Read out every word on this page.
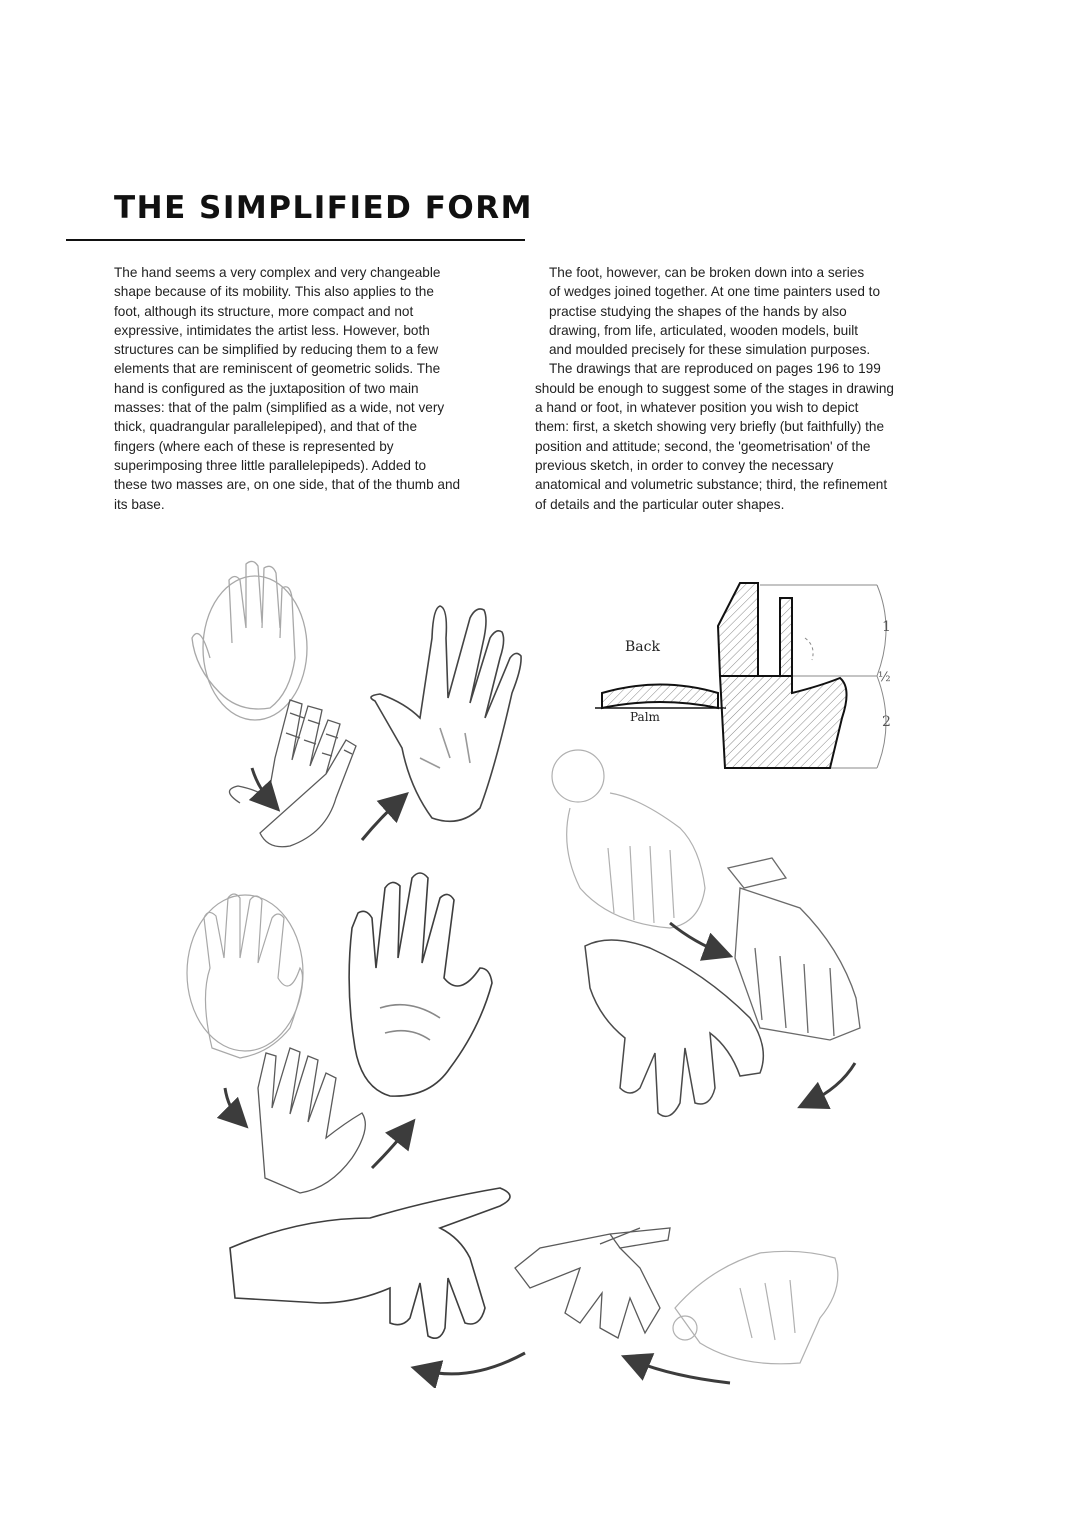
THE SIMPLIFIED FORM

The hand seems a very complex and very changeable
shape because of its mobility. This also applies to the
foot, although its structure, more compact and not
expressive, intimidates the artist less. However, both
structures can be simplified by reducing them to a few
elements that are reminiscent of geometric solids. The
hand is configured as the juxtaposition of two main
masses: that of the palm (simplified as a wide, not very
thick, quadrangular parallelepiped), and that of the
fingers (where each of these is represented by
superimposing three little parallelepipeds). Added to
these two masses are, on one side, that of the thumb and
its base.

The foot, however, can be broken down into a series
of wedges joined together. At one time painters used to
practise studying the shapes of the hands by also
drawing, from life, articulated, wooden models, built
and moulded precisely for these simulation purposes.

The drawings that are reproduced on pages 196 to 199
should be enough to suggest some of the stages in drawing
a hand or foot, in whatever position you wish to depict
them: first, a sketch showing very briefly (but faithfully) the
position and attitude; second, the 'geometrisation' of the
previous sketch, in order to convey the necessary
anatomical and volumetric substance; third, the refinement
of details and the particular outer shapes.

Back
Palm
1
½
2
